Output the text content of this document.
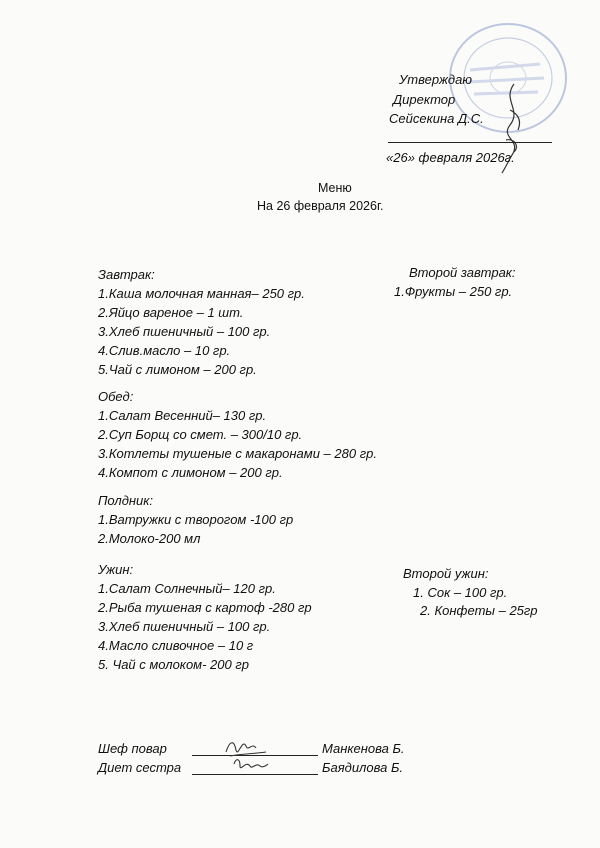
Утверждаю
Директор
Сейсекина Д.С.
«26» февраля 2026г.
Меню
На 26 февраля 2026г.
Завтрак:
1.Каша молочная манная– 250 гр.
2.Яйцо вареное – 1 шт.
3.Хлеб пшеничный – 100 гр.
4.Слив.масло – 10 гр.
5.Чай с лимоном – 200 гр.
Второй завтрак:
1.Фрукты – 250 гр.
Обед:
1.Салат Весенний– 130 гр.
2.Суп Борщ со смет. – 300/10 гр.
3.Котлеты тушеные с макаронами – 280 гр.
4.Компот с лимоном – 200 гр.
Полдник:
1.Ватружки с творогом -100 гр
2.Молоко-200 мл
Ужин:
1.Салат Солнечный– 120 гр.
2.Рыба тушеная с картоф -280 гр
3.Хлеб пшеничный – 100 гр.
4.Масло сливочное – 10 г
5. Чай с молоком- 200 гр
Второй ужин:
1. Сок – 100 гр.
2. Конфеты – 25гр
Шеф повар	Манкенова Б.
Диет сестра	Баядилова Б.
